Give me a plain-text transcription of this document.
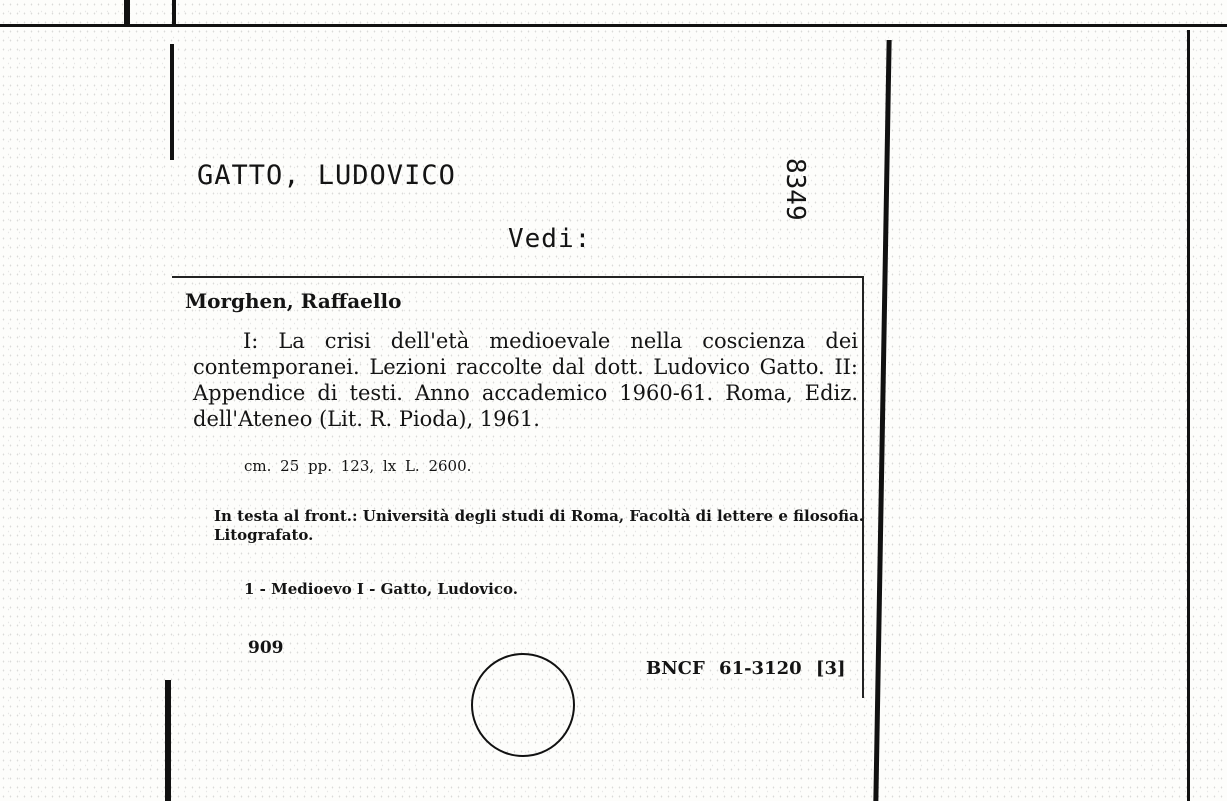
GATTO, LUDOVICO	8349
Vedi:
Morghen, Raffaello

I: La crisi dell'età medioevale nella coscienza dei contemporanei. Lezioni raccolte dal dott. Ludovico Gatto. II: Appendice di testi. Anno accademico 1960-61. Roma, Ediz. dell'Ateneo (Lit. R. Pioda), 1961.

cm. 25 pp. 123, lx L. 2600.
In testa al front.: Università degli studi di Roma, Facoltà di lettere e filosofia. Litografato.
1 - Medioevo I - Gatto, Ludovico.
909
BNCF 61-3120 [3]
